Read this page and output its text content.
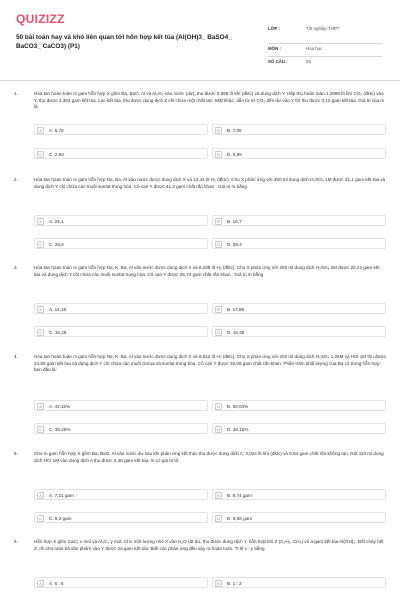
QUIZIZZ
50 bài toán hay và khó liên quan tới hôn hợp kết tủa (Al(OH)3_ BaSO4_ BaCO3_ CaCO3) (P1)
LỚP :	Tốt nghiệp THPT
MÔN :	Hóa học
SỐ CÂU :	25
1.	Hòa tan hoàn toàn m gam hỗn hợp X gồm Ba, BaO, Al và Al₂O₃ vào nước (dư), thu được 0,896 lít khí (đktc) và dung dịch Y. Hấp thụ hoàn toàn 1,2096 lít khí CO₂ (đktc) vào Y, thu được 4,302 gam kết tủa. Lọc kết tủa, thu được dung dịch Z chỉ chứa một chất tan. Mặt khác, dẫn từ từ CO₂ đến dư vào Y thì thu được 3,12 gam kết tủa. Giá trị của m là
A	A. 6,79	B	B. 7,09
C	C. 2,93	D	D. 5,99
2.	Hòa tan hoàn toàn m gam hỗn hợp Na, Ba, Al vào nước được dung dịch X và 13,44 lít H₂ (đktc). Cho X phản ứng với 450 ml dung dịch H₂SO₄ 1M được 31,1 gam kết tủa và dung dịch Y chỉ chứa các muối sunfat trung hòa. Cô cạn Y được 41,3 gam chất rắn khan . Giá trị m bằng
A	A. 24,1	B	B. 18,7
C	C. 25,6	D	D. 26,4
3.	Hòa tan hoàn toàn m gam hỗn hợp Na, K, Ba, Al vào nước được dung dịch X và 8,288 lít H₂ (đktc). Cho X phản ứng với 250 ml dung dịch H₂SO₄ 1M được 20,22 gam kết tủa và dung dịch Y chỉ chứa các muối sunfat trung hòa. Cô cạn Y được 25,74 gam chất rắn khan . Giá trị m bằng
A	A. 14,18	B	B. 17,88
C	C. 15,26	D	D. 16,48
4.	Hòa tan hoàn toàn m gam hỗn hợp Na, K, Ba, Al vào nước được dung dịch X và 8,512 lít H₂ (đktc). Cho X phản ứng với 200 ml dung dịch H₂SO₄ 1,25M và HCl 1M thu được 24,86 gam kết tủa và dung dịch Y chỉ chứa các muối clorua và sunfat trung hòa. Cô cạn Y được 30,08 gam chất rắn khan. Phần trăm khối lượng của Ba có trong hỗn hợp ban đầu là:
A	A. 44,16%	B	B. 60,04%
C	C. 35,25%	D	D. 48,15%
5.	Cho m gam hỗn hợp X gồm Ba, BaO, Al vào nước dư sau khi phản ứng kết thúc thu được dung dịch A, 3,024 lít khí (đktc) và 0,54 gam chất rắn không tan. Rót 110 ml dung dịch HCl 1M vào dung dịch A thu được 5,46 gam kết tủa. m có giá trị là:
A	A. 7,21 gam	B	B. 8,74 gam
C	C. 8,2 gam	D	D. 8,58 gam
6.	Hỗn hợp X gồm CaC₂ x mol và Al₄C₃ y mol. Cho một lượng nhỏ X vào H₂O rất dư, thu được dung dịch Y, hỗn hợp khí Z (C₂H₂, CH₄) và a gam kết tủa Al(OH)₃. Đốt cháy hết Z, rồi cho toàn bộ sản phẩm vào Y được 2a gam kết tủa. Biết các phản ứng đều xảy ra hoàn toàn. Tỉ lệ x : y bằng
A	A. 5 : 6	B	B. 1 : 2
